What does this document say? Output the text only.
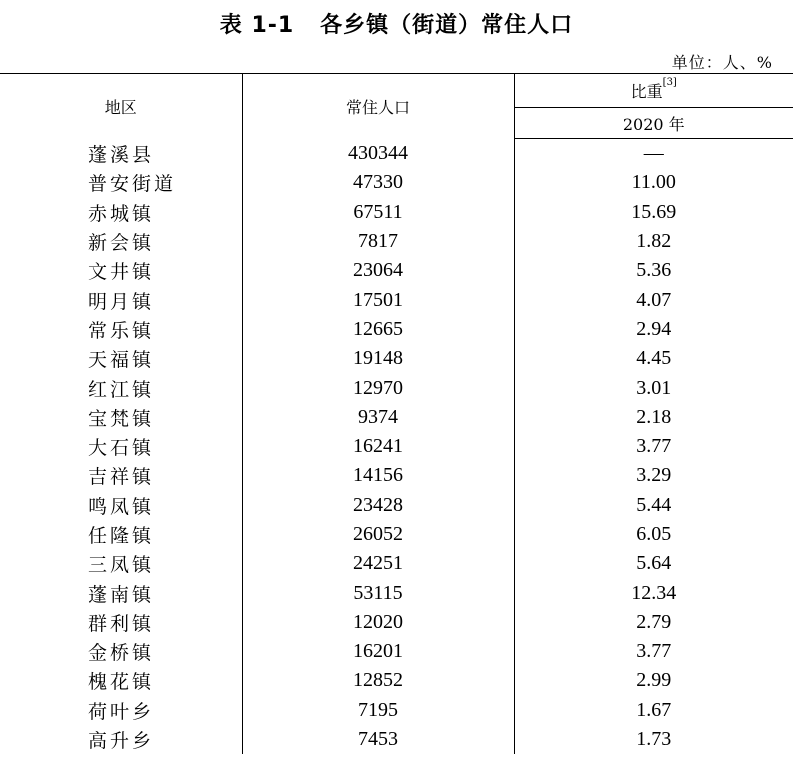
表 1-1   各乡镇（街道）常住人口
单位：人、%
地区	常住人口	比重[3]
		2020 年
蓬溪县	430344	—
普安街道	47330	11.00
赤城镇	67511	15.69
新会镇	7817	1.82
文井镇	23064	5.36
明月镇	17501	4.07
常乐镇	12665	2.94
天福镇	19148	4.45
红江镇	12970	3.01
宝梵镇	9374	2.18
大石镇	16241	3.77
吉祥镇	14156	3.29
鸣凤镇	23428	5.44
任隆镇	26052	6.05
三凤镇	24251	5.64
蓬南镇	53115	12.34
群利镇	12020	2.79
金桥镇	16201	3.77
槐花镇	12852	2.99
荷叶乡	7195	1.67
高升乡	7453	1.73
